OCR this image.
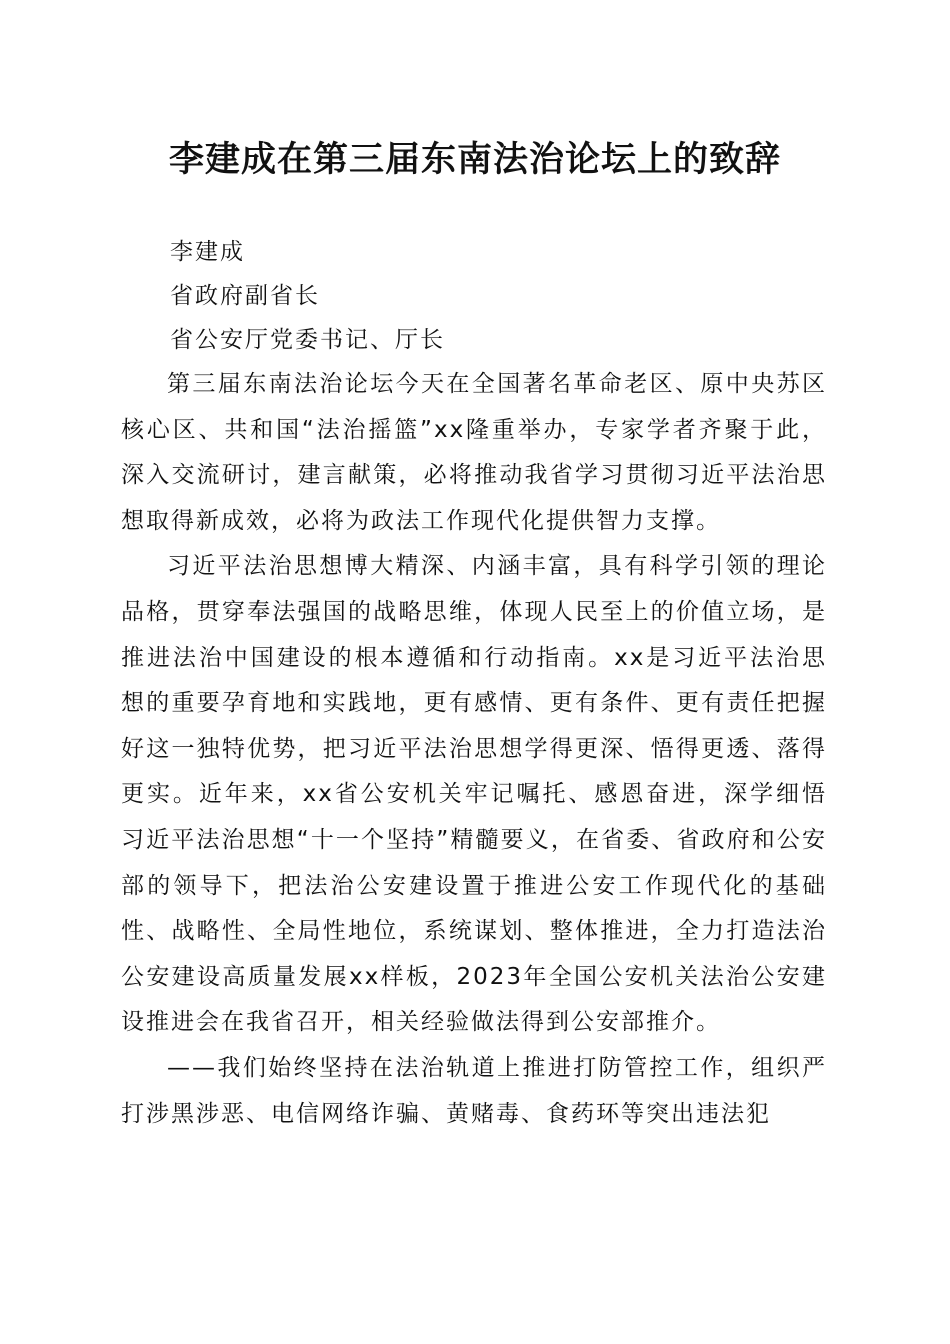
李建成在第三届东南法治论坛上的致辞
李建成
省政府副省长
省公安厅党委书记、厅长

第三届东南法治论坛今天在全国著名革命老区、原中央苏区核心区、共和国“法治摇篮”xx隆重举办，专家学者齐聚于此，深入交流研讨，建言献策，必将推动我省学习贯彻习近平法治思想取得新成效，必将为政法工作现代化提供智力支撑。

习近平法治思想博大精深、内涵丰富，具有科学引领的理论品格，贯穿奉法强国的战略思维，体现人民至上的价值立场，是推进法治中国建设的根本遵循和行动指南。xx是习近平法治思想的重要孕育地和实践地，更有感情、更有条件、更有责任把握好这一独特优势，把习近平法治思想学得更深、悟得更透、落得更实。近年来，xx省公安机关牢记嘱托、感恩奋进，深学细悟习近平法治思想“十一个坚持”精髓要义，在省委、省政府和公安部的领导下，把法治公安建设置于推进公安工作现代化的基础性、战略性、全局性地位，系统谋划、整体推进，全力打造法治公安建设高质量发展xx样板，2023年全国公安机关法治公安建设推进会在我省召开，相关经验做法得到公安部推介。

——我们始终坚持在法治轨道上推进打防管控工作，组织严打涉黑涉恶、电信网络诈骗、黄赌毒、食药环等突出违法犯
